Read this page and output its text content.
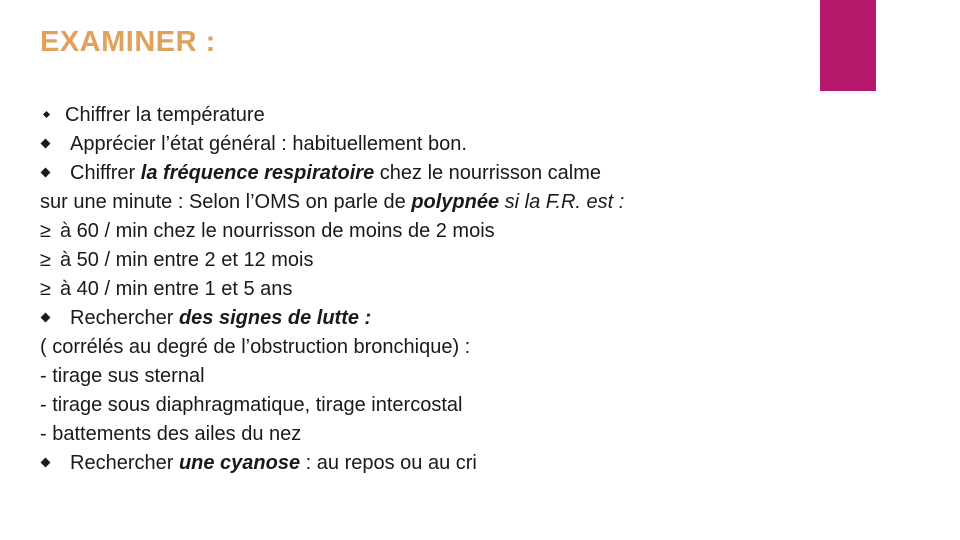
EXAMINER :
Chiffrer la température
Apprécier l’état général : habituellement bon.
Chiffrer la fréquence respiratoire chez le nourrisson calme
sur une minute : Selon l’OMS on parle de polypnée si la F.R. est :
≥ à 60 / min chez le nourrisson de moins de 2 mois
≥ à 50 / min entre 2 et 12 mois
≥ à 40 / min entre 1 et 5 ans
Rechercher des signes de lutte :
( corrélés au degré de l’obstruction bronchique) :
- tirage sus sternal
- tirage sous diaphragmatique, tirage intercostal
- battements des ailes du nez
Rechercher une cyanose : au repos ou au cri
